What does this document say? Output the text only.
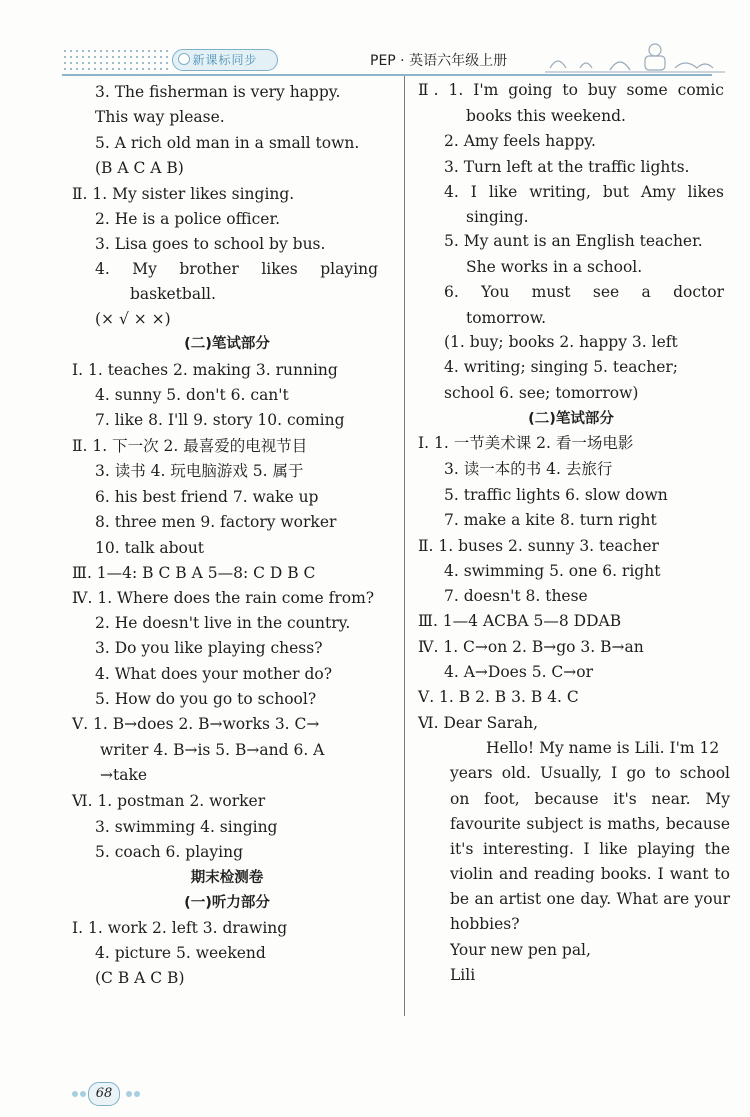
新课标同步	PEP · 英语六年级上册
3. The fisherman is very happy.
This way please.
5. A rich old man in a small town.
(B A C A B)
Ⅱ. 1. My sister likes singing.
2. He is a police officer.
3. Lisa goes to school by bus.
4. My brother likes playing
basketball.
(× √ × ×)
(二)笔试部分
Ⅰ. 1. teaches 2. making 3. running
4. sunny 5. don't 6. can't
7. like 8. I'll 9. story 10. coming
Ⅱ. 1. 下一次 2. 最喜爱的电视节目
3. 读书 4. 玩电脑游戏 5. 属于
6. his best friend 7. wake up
8. three men 9. factory worker
10. talk about
Ⅲ. 1—4: B C B A 5—8: C D B C
Ⅳ. 1. Where does the rain come from?
2. He doesn't live in the country.
3. Do you like playing chess?
4. What does your mother do?
5. How do you go to school?
Ⅴ. 1. B→does 2. B→works 3. C→
writer 4. B→is 5. B→and 6. A
→take
Ⅵ. 1. postman 2. worker
3. swimming 4. singing
5. coach 6. playing
期末检测卷
(一)听力部分
Ⅰ. 1. work 2. left 3. drawing
4. picture 5. weekend
(C B A C B)
Ⅱ. 1. I'm going to buy some comic
books this weekend.
2. Amy feels happy.
3. Turn left at the traffic lights.
4. I like writing, but Amy likes
singing.
5. My aunt is an English teacher.
She works in a school.
6. You must see a doctor
tomorrow.
(1. buy; books 2. happy 3. left
4. writing; singing 5. teacher;
school 6. see; tomorrow)
(二)笔试部分
Ⅰ. 1. 一节美术课 2. 看一场电影
3. 读一本的书 4. 去旅行
5. traffic lights 6. slow down
7. make a kite 8. turn right
Ⅱ. 1. buses 2. sunny 3. teacher
4. swimming 5. one 6. right
7. doesn't 8. these
Ⅲ. 1—4 ACBA 5—8 DDAB
Ⅳ. 1. C→on 2. B→go 3. B→an
4. A→Does 5. C→or
Ⅴ. 1. B 2. B 3. B 4. C
Ⅵ. Dear Sarah,
Hello! My name is Lili. I'm 12
years old. Usually, I go to school
on foot, because it's near. My
favourite subject is maths, because
it's interesting. I like playing the
violin and reading books. I want to
be an artist one day. What are your
hobbies?
Your new pen pal,
Lili
68
